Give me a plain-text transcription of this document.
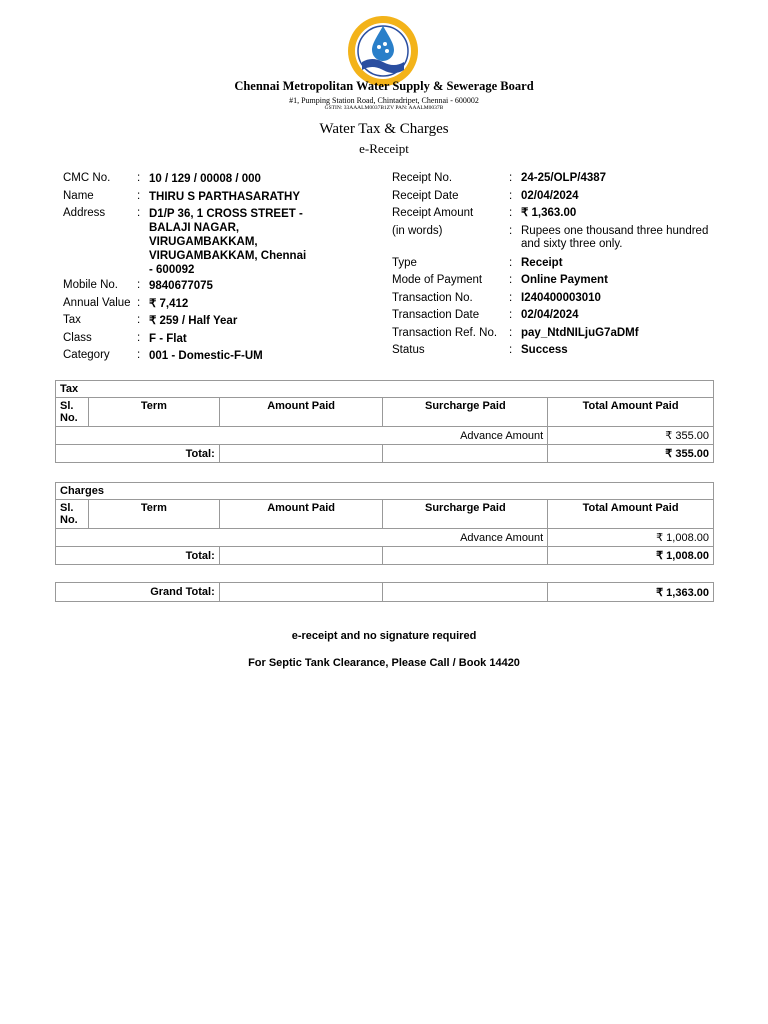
Chennai Metropolitan Water Supply & Sewerage Board
#1, Pumping Station Road, Chintadripet, Chennai - 600002
GSTIN: 33AAALM0037B1ZV PAN: AAALM0037B
Water Tax & Charges
e-Receipt
CMC No.	: 10 / 129 / 00008 / 000
Name	: THIRU S PARTHASARATHY
Address	: D1/P 36, 1 CROSS STREET - BALAJI NAGAR, VIRUGAMBAKKAM, VIRUGAMBAKKAM, Chennai - 600092
Mobile No.	: 9840677075
Annual Value : ₹ 7,412
Tax	: ₹ 259 / Half Year
Class	: F - Flat
Category	: 001 - Domestic-F-UM
Receipt No.	: 24-25/OLP/4387
Receipt Date	: 02/04/2024
Receipt Amount	: ₹ 1,363.00
(in words)	: Rupees one thousand three hundred and sixty three only.
Type	: Receipt
Mode of Payment	: Online Payment
Transaction No.	: I240400003010
Transaction Date	: 02/04/2024
Transaction Ref. No.	: pay_NtdNILjuG7aDMf
Status	: Success
Tax				
Sl. No.	Term	Amount Paid	Surcharge Paid	Total Amount Paid
Advance Amount				₹ 355.00
Total:				₹ 355.00
Charges				
Sl. No.	Term	Amount Paid	Surcharge Paid	Total Amount Paid
Advance Amount				₹ 1,008.00
Total:				₹ 1,008.00
Grand Total:			₹ 1,363.00
e-receipt and no signature required
For Septic Tank Clearance, Please Call / Book 14420
